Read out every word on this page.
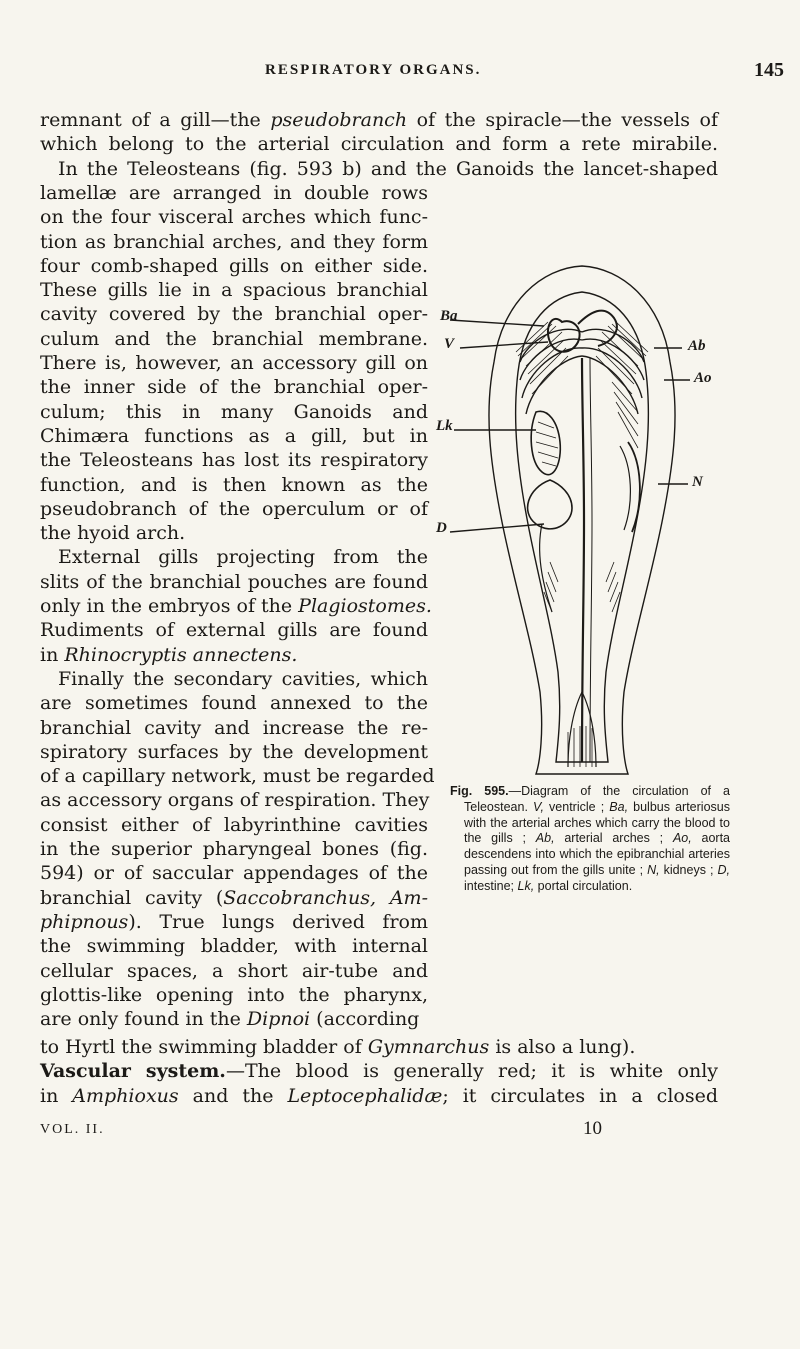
RESPIRATORY ORGANS.	145
remnant of a gill—the pseudobranch of the spiracle—the vessels of
which belong to the arterial circulation and form a rete mirabile.
In the Teleosteans (fig. 593 b) and the Ganoids the lancet-shaped
lamellæ are arranged in double rows
on the four visceral arches which func-
tion as branchial arches, and they form
four comb-shaped gills on either side.
These gills lie in a spacious branchial
cavity covered by the branchial oper-
culum and the branchial membrane.
There is, however, an accessory gill on
the inner side of the branchial oper-
culum; this in many Ganoids and
Chimæra functions as a gill, but in
the Teleosteans has lost its respiratory
function, and is then known as the
pseudobranch of the operculum or of
the hyoid arch.
External gills projecting from the
slits of the branchial pouches are found
only in the embryos of the Plagiostomes.
Rudiments of external gills are found
in Rhinocryptis annectens.
Finally the secondary cavities, which
are sometimes found annexed to the
branchial cavity and increase the re-
spiratory surfaces by the development
of a capillary network, must be regarded
as accessory organs of respiration. They
consist either of labyrinthine cavities
in the superior pharyngeal bones (fig.
594) or of saccular appendages of the
branchial cavity (Saccobranchus, Am-
phipnous). True lungs derived from
the swimming bladder, with internal
cellular spaces, a short air-tube and
glottis-like opening into the pharynx,
are only found in the Dipnoi (according
to Hyrtl the swimming bladder of Gymnarchus is also a lung).
Vascular system.—The blood is generally red; it is white only
in Amphioxus and the Leptocephalidæ; it circulates in a closed
Ba
V
Lk
D
Ab
Ao
N
Fig. 595.—Diagram of the circulation of a Teleostean. V, ventricle ; Ba, bulbus arteriosus with the arterial arches which carry the blood to the gills ; Ab, arterial arches ; Ao, aorta descendens into which the epibranchial arteries passing out from the gills unite ; N, kidneys ; D, intestine; Lk, portal circulation.
VOL. II.	10
